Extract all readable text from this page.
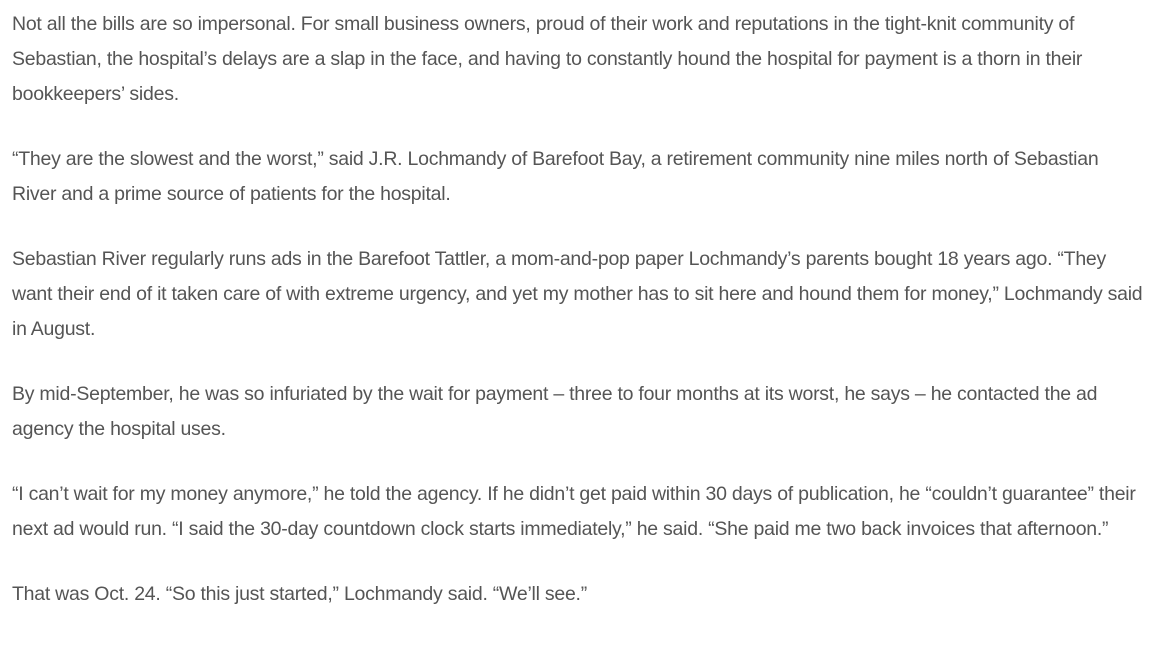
Not all the bills are so impersonal. For small business owners, proud of their work and reputations in the tight-knit community of Sebastian, the hospital’s delays are a slap in the face, and having to constantly hound the hospital for payment is a thorn in their bookkeepers’ sides.

“They are the slowest and the worst,” said J.R. Lochmandy of Barefoot Bay, a retirement community nine miles north of Sebastian River and a prime source of patients for the hospital.

Sebastian River regularly runs ads in the Barefoot Tattler, a mom-and-pop paper Lochmandy’s parents bought 18 years ago. “They want their end of it taken care of with extreme urgency, and yet my mother has to sit here and hound them for money,” Lochmandy said in August.

By mid-September, he was so infuriated by the wait for payment – three to four months at its worst, he says – he contacted the ad agency the hospital uses.

“I can’t wait for my money anymore,” he told the agency. If he didn’t get paid within 30 days of publication, he “couldn’t guarantee” their next ad would run. “I said the 30-day countdown clock starts immediately,” he said. “She paid me two back invoices that afternoon.”

That was Oct. 24. “So this just started,” Lochmandy said. “We’ll see.”
